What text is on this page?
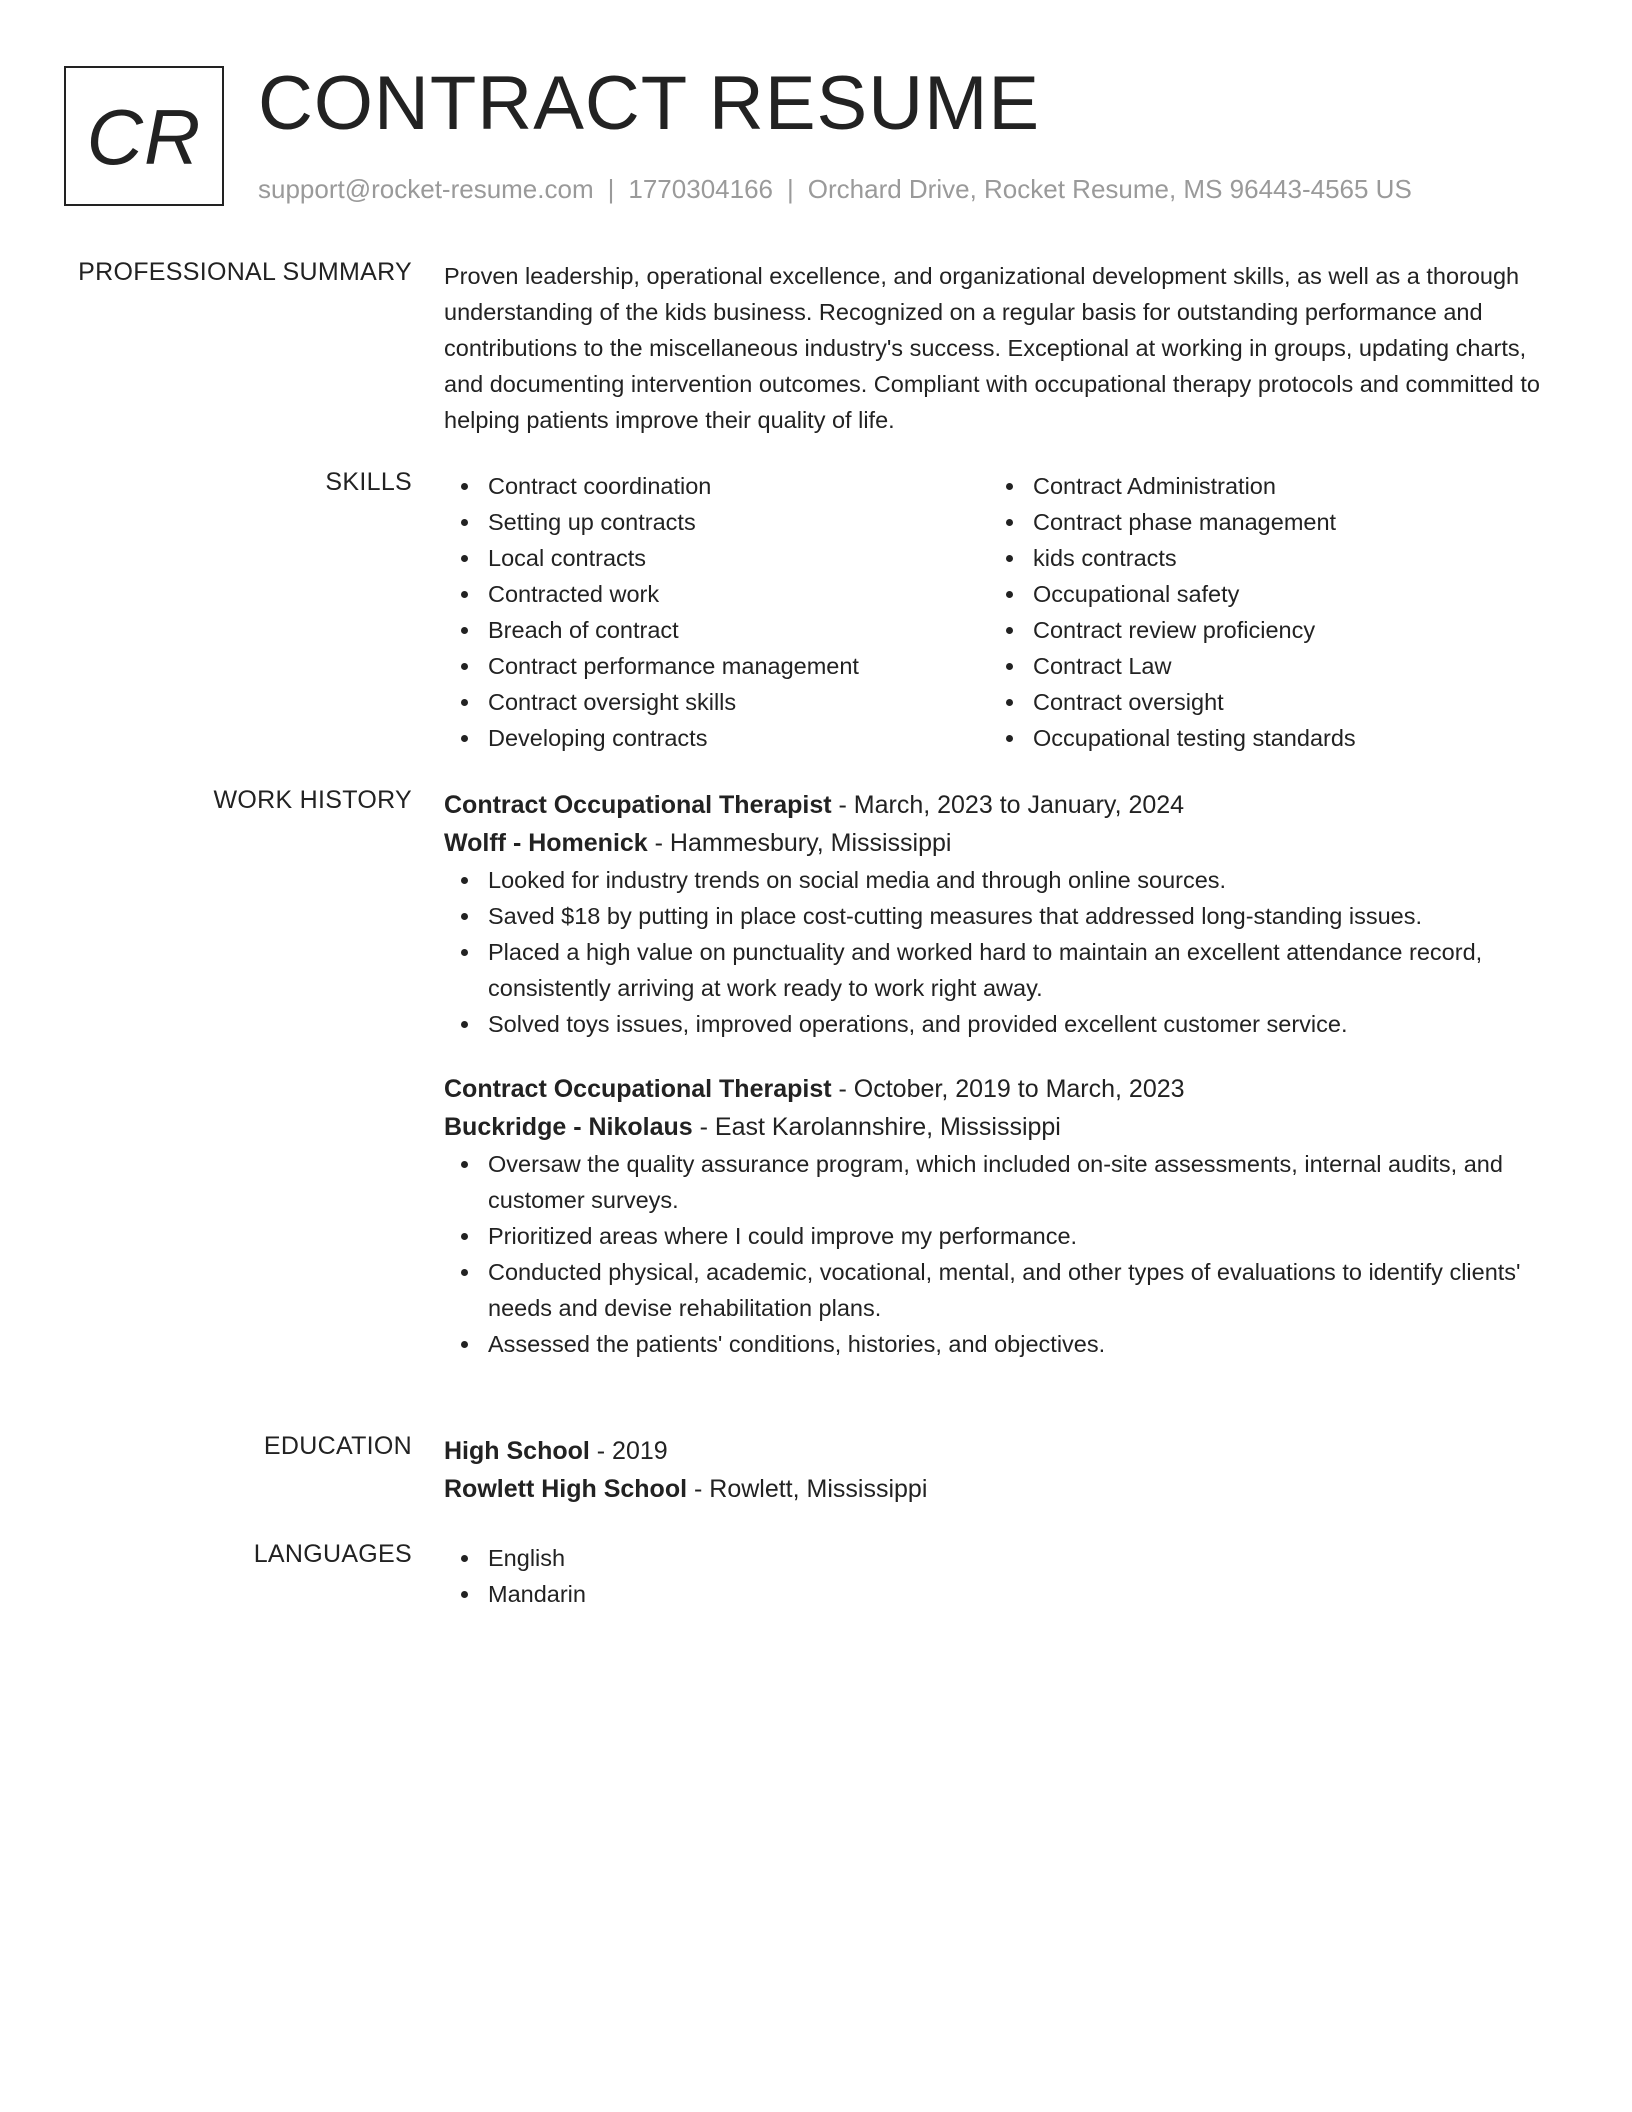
CR CONTRACT RESUME
support@rocket-resume.com | 1770304166 | Orchard Drive, Rocket Resume, MS 96443-4565 US
PROFESSIONAL SUMMARY Proven leadership, operational excellence, and organizational development skills, as well as a thorough understanding of the kids business. Recognized on a regular basis for outstanding performance and contributions to the miscellaneous industry's success. Exceptional at working in groups, updating charts, and documenting intervention outcomes. Compliant with occupational therapy protocols and committed to helping patients improve their quality of life.

SKILLS	Contract coordination
Setting up contracts
Local contracts
Contracted work
Breach of contract
Contract performance management
Contract oversight skills
Developing contracts
Contract Administration
Contract phase management
kids contracts
Occupational safety
Contract review proficiency
Contract Law
Contract oversight
Occupational testing standards
WORK HISTORY Contract Occupational Therapist - March, 2023 to January, 2024
Wolff - Homenick - Hammesbury, Mississippi
Looked for industry trends on social media and through online sources.
Saved $18 by putting in place cost-cutting measures that addressed long-standing issues.
Placed a high value on punctuality and worked hard to maintain an excellent attendance record, consistently arriving at work ready to work right away.
Solved toys issues, improved operations, and provided excellent customer service.
Contract Occupational Therapist - October, 2019 to March, 2023
Buckridge - Nikolaus - East Karolannshire, Mississippi
Oversaw the quality assurance program, which included on-site assessments, internal audits, and customer surveys.
Prioritized areas where I could improve my performance.
Conducted physical, academic, vocational, mental, and other types of evaluations to identify clients' needs and devise rehabilitation plans.
Assessed the patients' conditions, histories, and objectives.
EDUCATION High School - 2019
Rowlett High School - Rowlett, Mississippi
LANGUAGES	English
Mandarin
